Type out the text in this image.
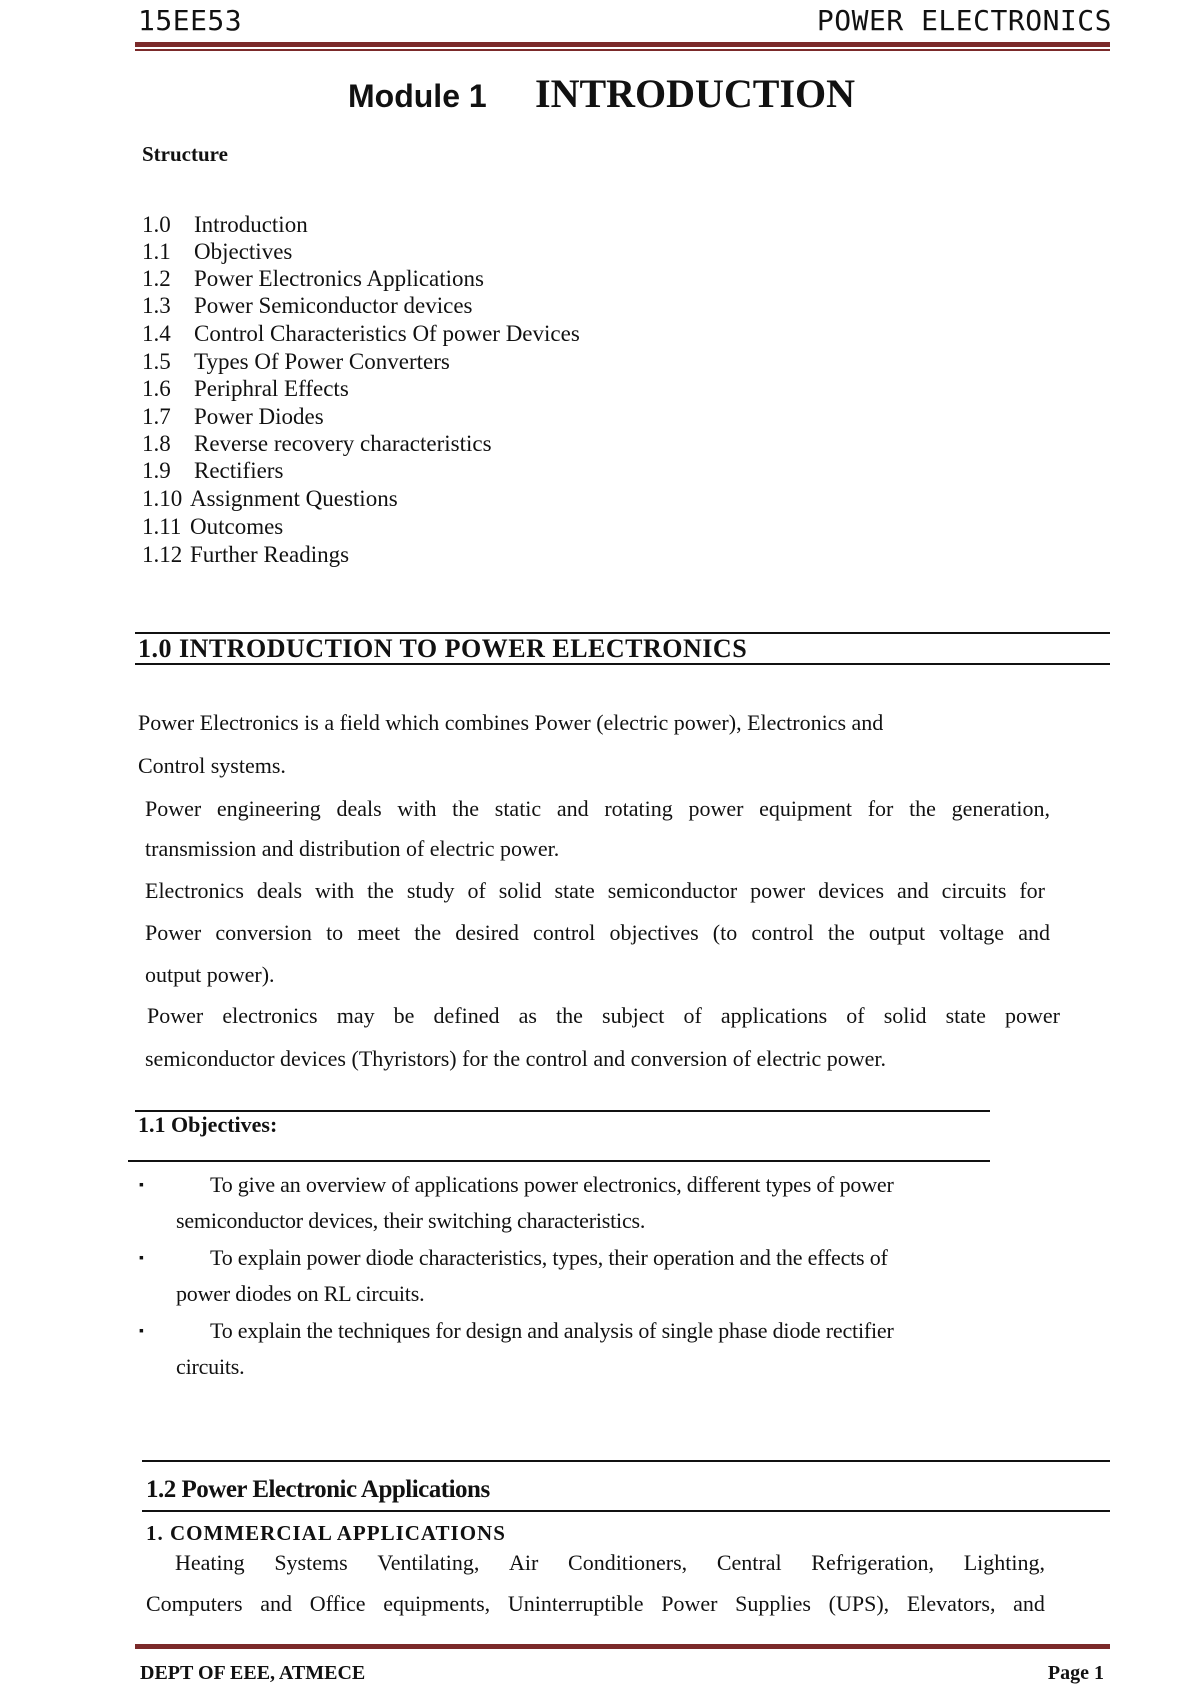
15EE53	POWER ELECTRONICS
Module 1 INTRODUCTION
Structure
1.0 Introduction
1.1 Objectives
1.2 Power Electronics Applications
1.3 Power Semiconductor devices
1.4 Control Characteristics Of power Devices
1.5 Types Of Power Converters
1.6 Periphral Effects
1.7 Power Diodes
1.8 Reverse recovery characteristics
1.9 Rectifiers
1.10 Assignment Questions
1.11 Outcomes
1.12 Further Readings
1.0 INTRODUCTION TO POWER ELECTRONICS
Power Electronics is a field which combines Power (electric power), Electronics and
Control systems.
Power engineering deals with the static and rotating power equipment for the generation,
transmission and distribution of electric power.
Electronics deals with the study of solid state semiconductor power devices and circuits for
Power conversion to meet the desired control objectives (to control the output voltage and
output power).
Power electronics may be defined as the subject of applications of solid state power
semiconductor devices (Thyristors) for the control and conversion of electric power.
1.1 Objectives:
▪	To give an overview of applications power electronics, different types of power
semiconductor devices, their switching characteristics.
▪	To explain power diode characteristics, types, their operation and the effects of
power diodes on RL circuits.
▪	To explain the techniques for design and analysis of single phase diode rectifier
circuits.
1.2 Power Electronic Applications
1. COMMERCIAL APPLICATIONS
Heating Systems Ventilating, Air Conditioners, Central Refrigeration, Lighting,
Computers and Office equipments, Uninterruptible Power Supplies (UPS), Elevators, and
DEPT OF EEE, ATMECE	Page 1
